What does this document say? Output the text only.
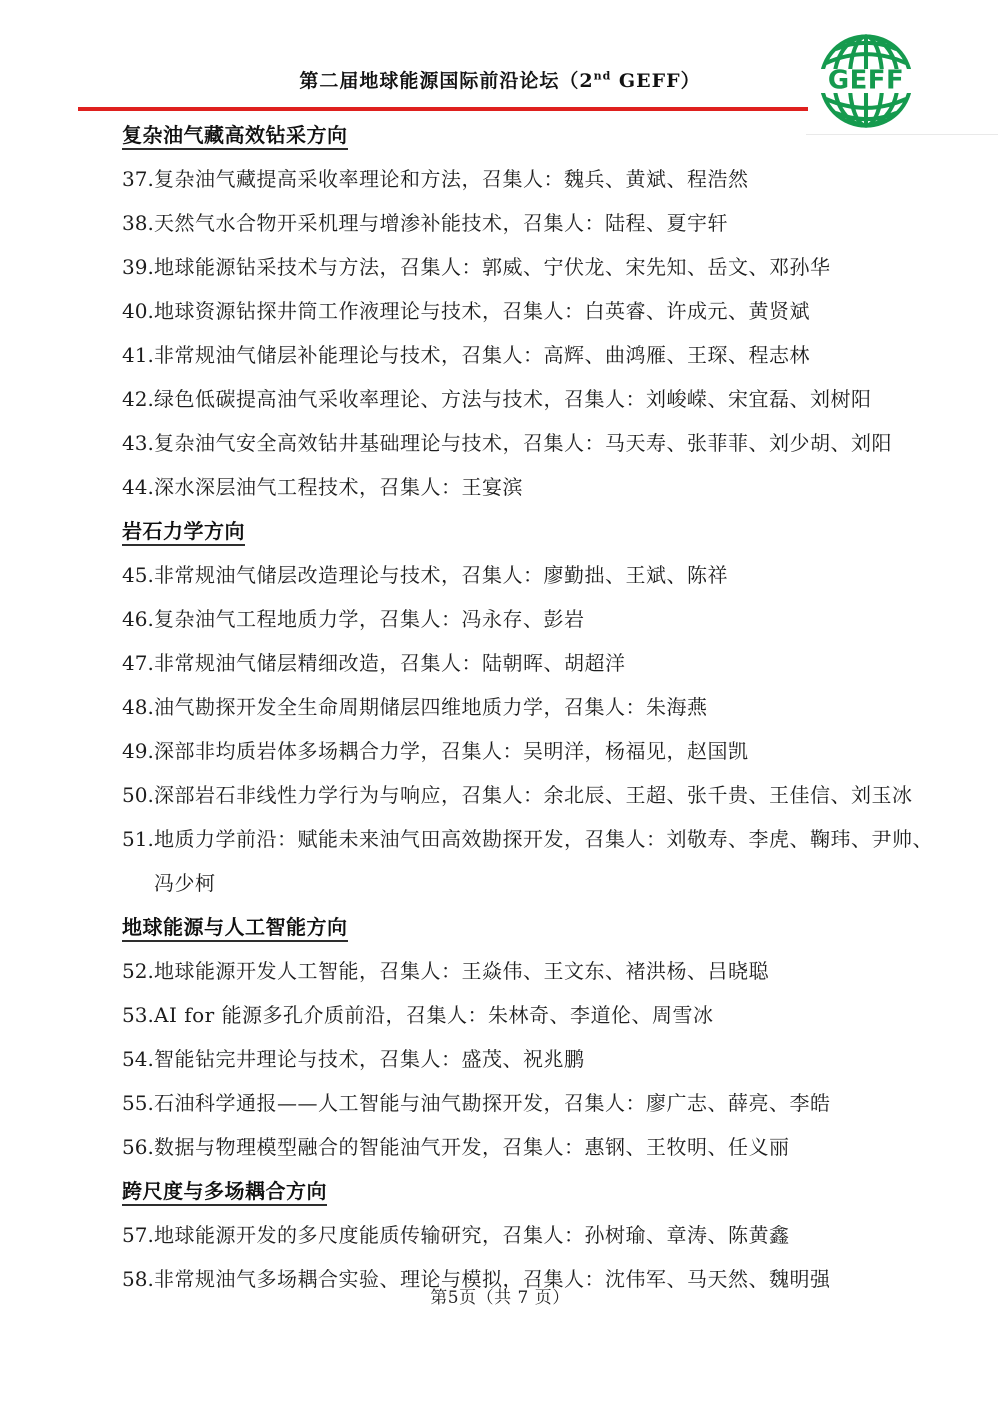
第二届地球能源国际前沿论坛（2nd GEFF）	GEFF
复杂油气藏高效钻采方向
37.复杂油气藏提高采收率理论和方法，召集人：魏兵、黄斌、程浩然
38.天然气水合物开采机理与增渗补能技术，召集人：陆程、夏宇轩
39.地球能源钻采技术与方法，召集人：郭威、宁伏龙、宋先知、岳文、邓孙华
40.地球资源钻探井筒工作液理论与技术，召集人：白英睿、许成元、黄贤斌
41.非常规油气储层补能理论与技术，召集人：高辉、曲鸿雁、王琛、程志林
42.绿色低碳提高油气采收率理论、方法与技术，召集人：刘峻嵘、宋宜磊、刘树阳
43.复杂油气安全高效钻井基础理论与技术，召集人：马天寿、张菲菲、刘少胡、刘阳
44.深水深层油气工程技术，召集人：王宴滨
岩石力学方向
45.非常规油气储层改造理论与技术，召集人：廖勤拙、王斌、陈祥
46.复杂油气工程地质力学，召集人：冯永存、彭岩
47.非常规油气储层精细改造，召集人：陆朝晖、胡超洋
48.油气勘探开发全生命周期储层四维地质力学，召集人：朱海燕
49.深部非均质岩体多场耦合力学，召集人：吴明洋，杨福见，赵国凯
50.深部岩石非线性力学行为与响应，召集人：余北辰、王超、张千贵、王佳信、刘玉冰
51.地质力学前沿：赋能未来油气田高效勘探开发，召集人：刘敬寿、李虎、鞠玮、尹帅、
冯少柯
地球能源与人工智能方向
52.地球能源开发人工智能，召集人：王焱伟、王文东、褚洪杨、吕晓聪
53.AI for 能源多孔介质前沿，召集人：朱林奇、李道伦、周雪冰
54.智能钻完井理论与技术，召集人：盛茂、祝兆鹏
55.石油科学通报——人工智能与油气勘探开发，召集人：廖广志、薛亮、李皓
56.数据与物理模型融合的智能油气开发，召集人：惠钢、王牧明、任义丽
跨尺度与多场耦合方向
57.地球能源开发的多尺度能质传输研究，召集人：孙树瑜、章涛、陈黄鑫
58.非常规油气多场耦合实验、理论与模拟，召集人：沈伟军、马天然、魏明强
第5页（共 7 页）
